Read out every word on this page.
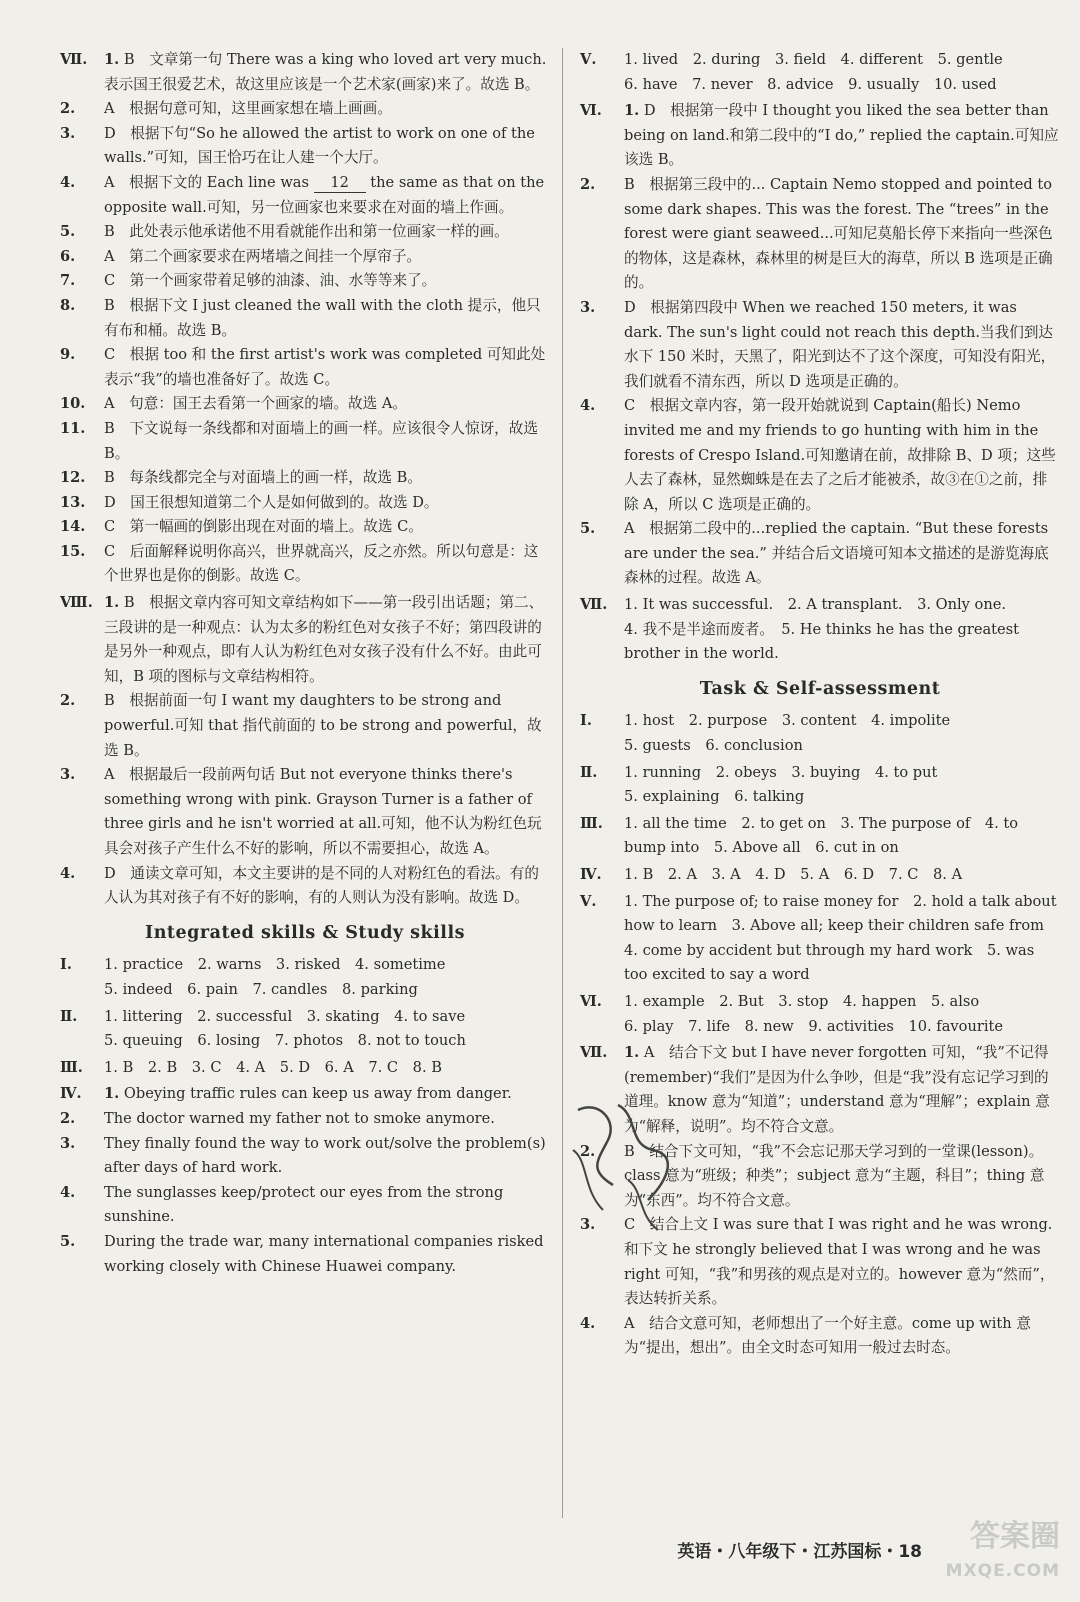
Ⅶ.	1. B　文章第一句 There was a king who loved art very much.表示国王很爱艺术，故这里应该是一个艺术家(画家)来了。故选 B。
2.	A　根据句意可知，这里画家想在墙上画画。
3.	D　根据下句“So he allowed the artist to work on one of the walls.”可知，国王恰巧在让人建一个大厅。
4.	A　根据下文的 Each line was 12 the same as that on the opposite wall.可知，另一位画家也来要求在对面的墙上作画。
5.	B　此处表示他承诺他不用看就能作出和第一位画家一样的画。
6.	A　第二个画家要求在两堵墙之间挂一个厚帘子。
7.	C　第一个画家带着足够的油漆、油、水等等来了。
8.	B　根据下文 I just cleaned the wall with the cloth 提示，他只有布和桶。故选 B。
9.	C　根据 too 和 the first artist's work was completed 可知此处表示“我”的墙也准备好了。故选 C。
10.	A　句意：国王去看第一个画家的墙。故选 A。
11.	B　下文说每一条线都和对面墙上的画一样。应该很令人惊讶，故选 B。
12.	B　每条线都完全与对面墙上的画一样，故选 B。
13.	D　国王很想知道第二个人是如何做到的。故选 D。
14.	C　第一幅画的倒影出现在对面的墙上。故选 C。
15.	C　后面解释说明你高兴，世界就高兴，反之亦然。所以句意是：这个世界也是你的倒影。故选 C。
Ⅷ. 1. B　根据文章内容可知文章结构如下——第一段引出话题；第二、三段讲的是一种观点：认为太多的粉红色对女孩子不好；第四段讲的是另外一种观点，即有人认为粉红色对女孩子没有什么不好。由此可知，B 项的图标与文章结构相符。
2.	B　根据前面一句 I want my daughters to be strong and powerful.可知 that 指代前面的 to be strong and powerful，故选 B。
3.	A　根据最后一段前两句话 But not everyone thinks there's something wrong with pink. Grayson Turner is a father of three girls and he isn't worried at all.可知，他不认为粉红色玩具会对孩子产生什么不好的影响，所以不需要担心，故选 A。
4.	D　通读文章可知，本文主要讲的是不同的人对粉红色的看法。有的人认为其对孩子有不好的影响，有的人则认为没有影响。故选 D。
Integrated skills & Study skills
Ⅰ.	1. practice　2. warns　3. risked　4. sometime
5. indeed　6. pain　7. candles　8. parking
Ⅱ.	1. littering　2. successful　3. skating　4. to save
5. queuing　6. losing　7. photos　8. not to touch
Ⅲ.	1. B　2. B　3. C　4. A　5. D　6. A　7. C　8. B
Ⅳ.	1. Obeying traffic rules can keep us away from danger.
2.	The doctor warned my father not to smoke anymore.
3.	They finally found the way to work out/solve the problem(s) after days of hard work.
4.	The sunglasses keep/protect our eyes from the strong sunshine.
5.	During the trade war, many international companies risked working closely with Chinese Huawei company.
Ⅴ.	1. lived　2. during　3. field　4. different　5. gentle
6. have　7. never　8. advice　9. usually　10. used
Ⅵ.	1. D　根据第一段中 I thought you liked the sea better than being on land.和第二段中的“I do,” replied the captain.可知应该选 B。
2.	B　根据第三段中的... Captain Nemo stopped and pointed to some dark shapes. This was the forest. The “trees” in the forest were giant seaweed...可知尼莫船长停下来指向一些深色的物体，这是森林，森林里的树是巨大的海草，所以 B 选项是正确的。
3.	D　根据第四段中 When we reached 150 meters, it was dark. The sun's light could not reach this depth.当我们到达水下 150 米时，天黑了，阳光到达不了这个深度，可知没有阳光，我们就看不清东西，所以 D 选项是正确的。
4.	C　根据文章内容，第一段开始就说到 Captain(船长) Nemo invited me and my friends to go hunting with him in the forests of Crespo Island.可知邀请在前，故排除 B、D 项；这些人去了森林，显然蜘蛛是在去了之后才能被杀，故③在①之前，排除 A，所以 C 选项是正确的。
5.	A　根据第二段中的...replied the captain. “But these forests are under the sea.” 并结合后文语境可知本文描述的是游览海底森林的过程。故选 A。
Ⅶ.	1. It was successful.　2. A transplant.　3. Only one.
4. 我不是半途而废者。　5. He thinks he has the greatest brother in the world.
Task & Self-assessment
Ⅰ.	1. host　2. purpose　3. content　4. impolite
5. guests　6. conclusion
Ⅱ.	1. running　2. obeys　3. buying　4. to put
5. explaining　6. talking
Ⅲ.	1. all the time　2. to get on　3. The purpose of　4. to bump into　5. Above all　6. cut in on
Ⅳ.	1. B　2. A　3. A　4. D　5. A　6. D　7. C　8. A
Ⅴ.	1. The purpose of; to raise money for　2. hold a talk about how to learn　3. Above all; keep their children safe from　4. come by accident but through my hard work　5. was too excited to say a word
Ⅵ.	1. example　2. But　3. stop　4. happen　5. also
6. play　7. life　8. new　9. activities　10. favourite
Ⅶ.	1. A　结合下文 but I have never forgotten 可知，“我”不记得(remember)“我们”是因为什么争吵，但是“我”没有忘记学习到的道理。know 意为“知道”；understand 意为“理解”；explain 意为“解释，说明”。均不符合文意。
2.	B　结合下文可知，“我”不会忘记那天学习到的一堂课(lesson)。class 意为“班级；种类”；subject 意为“主题，科目”；thing 意为“东西”。均不符合文意。
3.	C　结合上文 I was sure that I was right and he was wrong. 和下文 he strongly believed that I was wrong and he was right 可知，“我”和男孩的观点是对立的。however 意为“然而”，表达转折关系。
4.	A　结合文意可知，老师想出了一个好主意。come up with 意为“提出，想出”。由全文时态可知用一般过去时态。
英语・八年级下・江苏国标・18	答案圈
MXQE.COM
